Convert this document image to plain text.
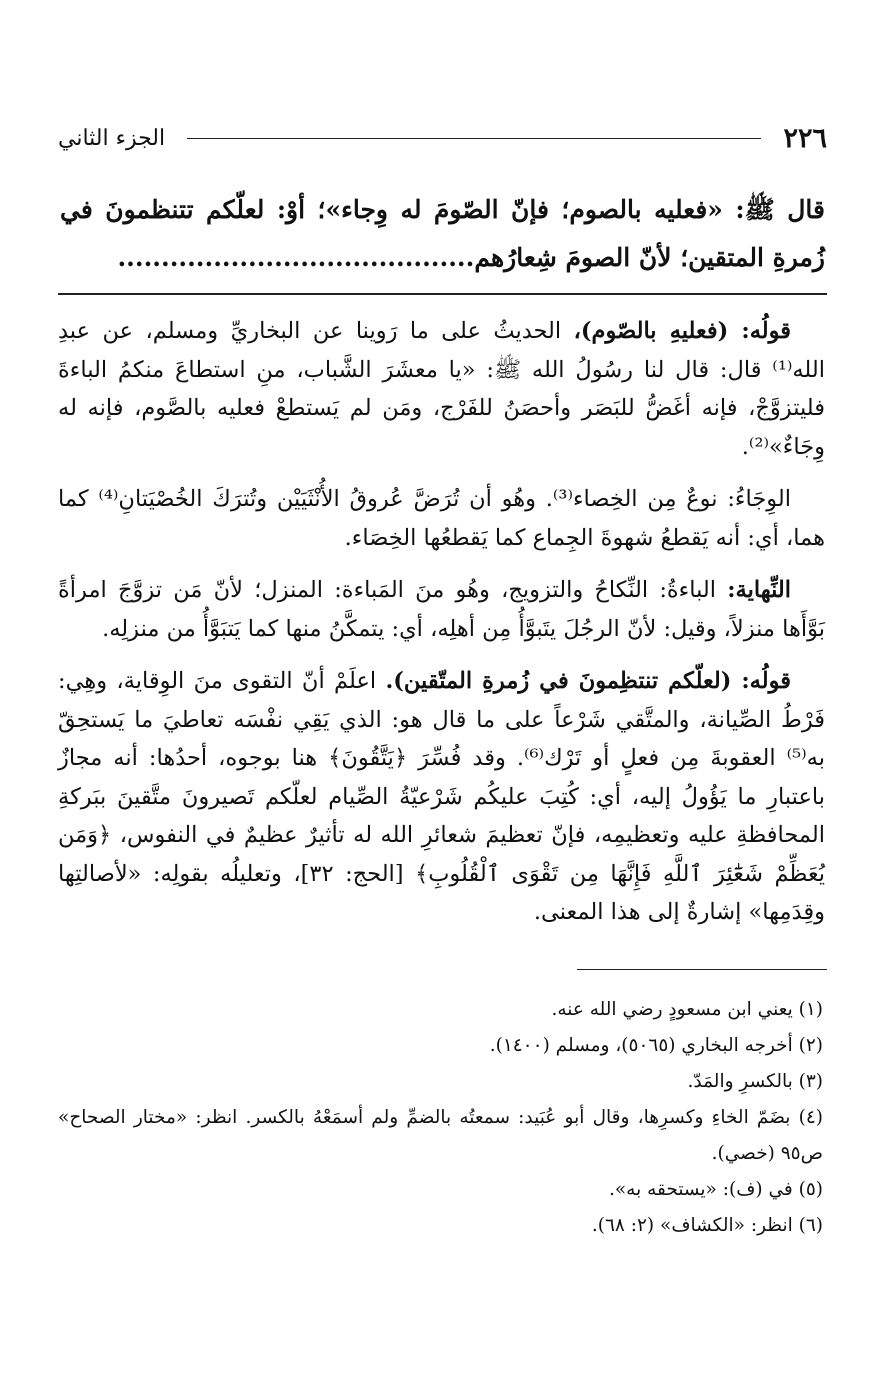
٢٢٦
الجزء الثاني
قال ﷺ: «فعليه بالصوم؛ فإنّ الصّومَ له وِجاء»؛ أوْ: لعلّكم تتنظمونَ في زُمرةِ المتقين؛ لأنّ الصومَ شِعارُهم.........................................

قولُه: (فعليهِ بالصّوم)، الحديثُ على ما رَوينا عن البخاريِّ ومسلم، عن عبدِ الله⁽¹⁾ قال: قال لنا رسُولُ الله ﷺ: «يا معشَرَ الشَّباب، منِ استطاعَ منكمُ الباءةَ فليتزوَّجْ، فإنه أغَضُّ للبَصَر وأحصَنُ للفَرْج، ومَن لم يَستطعْ فعليه بالصَّوم، فإنه له وِجَاءٌ»⁽²⁾.

الوِجَاءُ: نوعٌ مِن الخِصاء⁽³⁾. وهُو أن تُرَضَّ عُروقُ الأُنْثَيَيْن وتُترَكَ الخُصْيَتانِ⁽⁴⁾ كما هما، أي: أنه يَقطعُ شهوةَ الجِماع كما يَقطعُها الخِصَاء.

النِّهاية: الباءةُ: النِّكاحُ والتزويج، وهُو منَ المَباءة: المنزل؛ لأنّ مَن تزوَّجَ امرأةً بَوَّأَها منزلاً، وقيل: لأنّ الرجُلَ يتَبوَّأُ مِن أهلِه، أي: يتمكَّنُ منها كما يَتبَوَّأُ من منزلِه.

قولُه: (لعلّكم تنتظِمونَ في زُمرةِ المتّقين). اعلَمْ أنّ التقوى منَ الوِقاية، وهِي: فَرْطُ الصِّيانة، والمتَّقي شَرْعاً على ما قال هو: الذي يَقِي نفْسَه تعاطيَ ما يَستحِقّ به⁽⁵⁾ العقوبةَ مِن فعلٍ أو تَرْك⁽⁶⁾. وقد فُسِّرَ ﴿يَتَّقُونَ﴾ هنا بوجوه، أحدُها: أنه مجازٌ باعتبارِ ما يَؤُولُ إليه، أي: كُتِبَ عليكُم شَرْعيّةُ الصِّيام لعلّكم تَصيرونَ متَّقينَ ببَركةِ المحافظةِ عليه وتعظيمِه، فإنّ تعظيمَ شعائرِ الله له تأثيرٌ عظيمٌ في النفوس، ﴿وَمَن يُعَظِّمْ شَعَٰٓئِرَ ٱللَّهِ فَإِنَّهَا مِن تَقْوَى ٱلْقُلُوبِ﴾ [الحج: ٣٢]، وتعليلُه بقولِه: «لأصالتِها وقِدَمِها» إشارةٌ إلى هذا المعنى.

(١) يعني ابن مسعودٍ رضي الله عنه.

(٢) أخرجه البخاري (٥٠٦٥)، ومسلم (١٤٠٠).

(٣) بالكسرِ والمَدّ.

(٤) بضَمّ الخاءِ وكسرِها، وقال أبو عُبَيد: سمعتُه بالضمِّ ولم أسمَعْهُ بالكسر. انظر: «مختار الصحاح» ص٩٥ (خصي).

(٥) في (ف): «يستحقه به».

(٦) انظر: «الكشاف» (٢: ٦٨).
